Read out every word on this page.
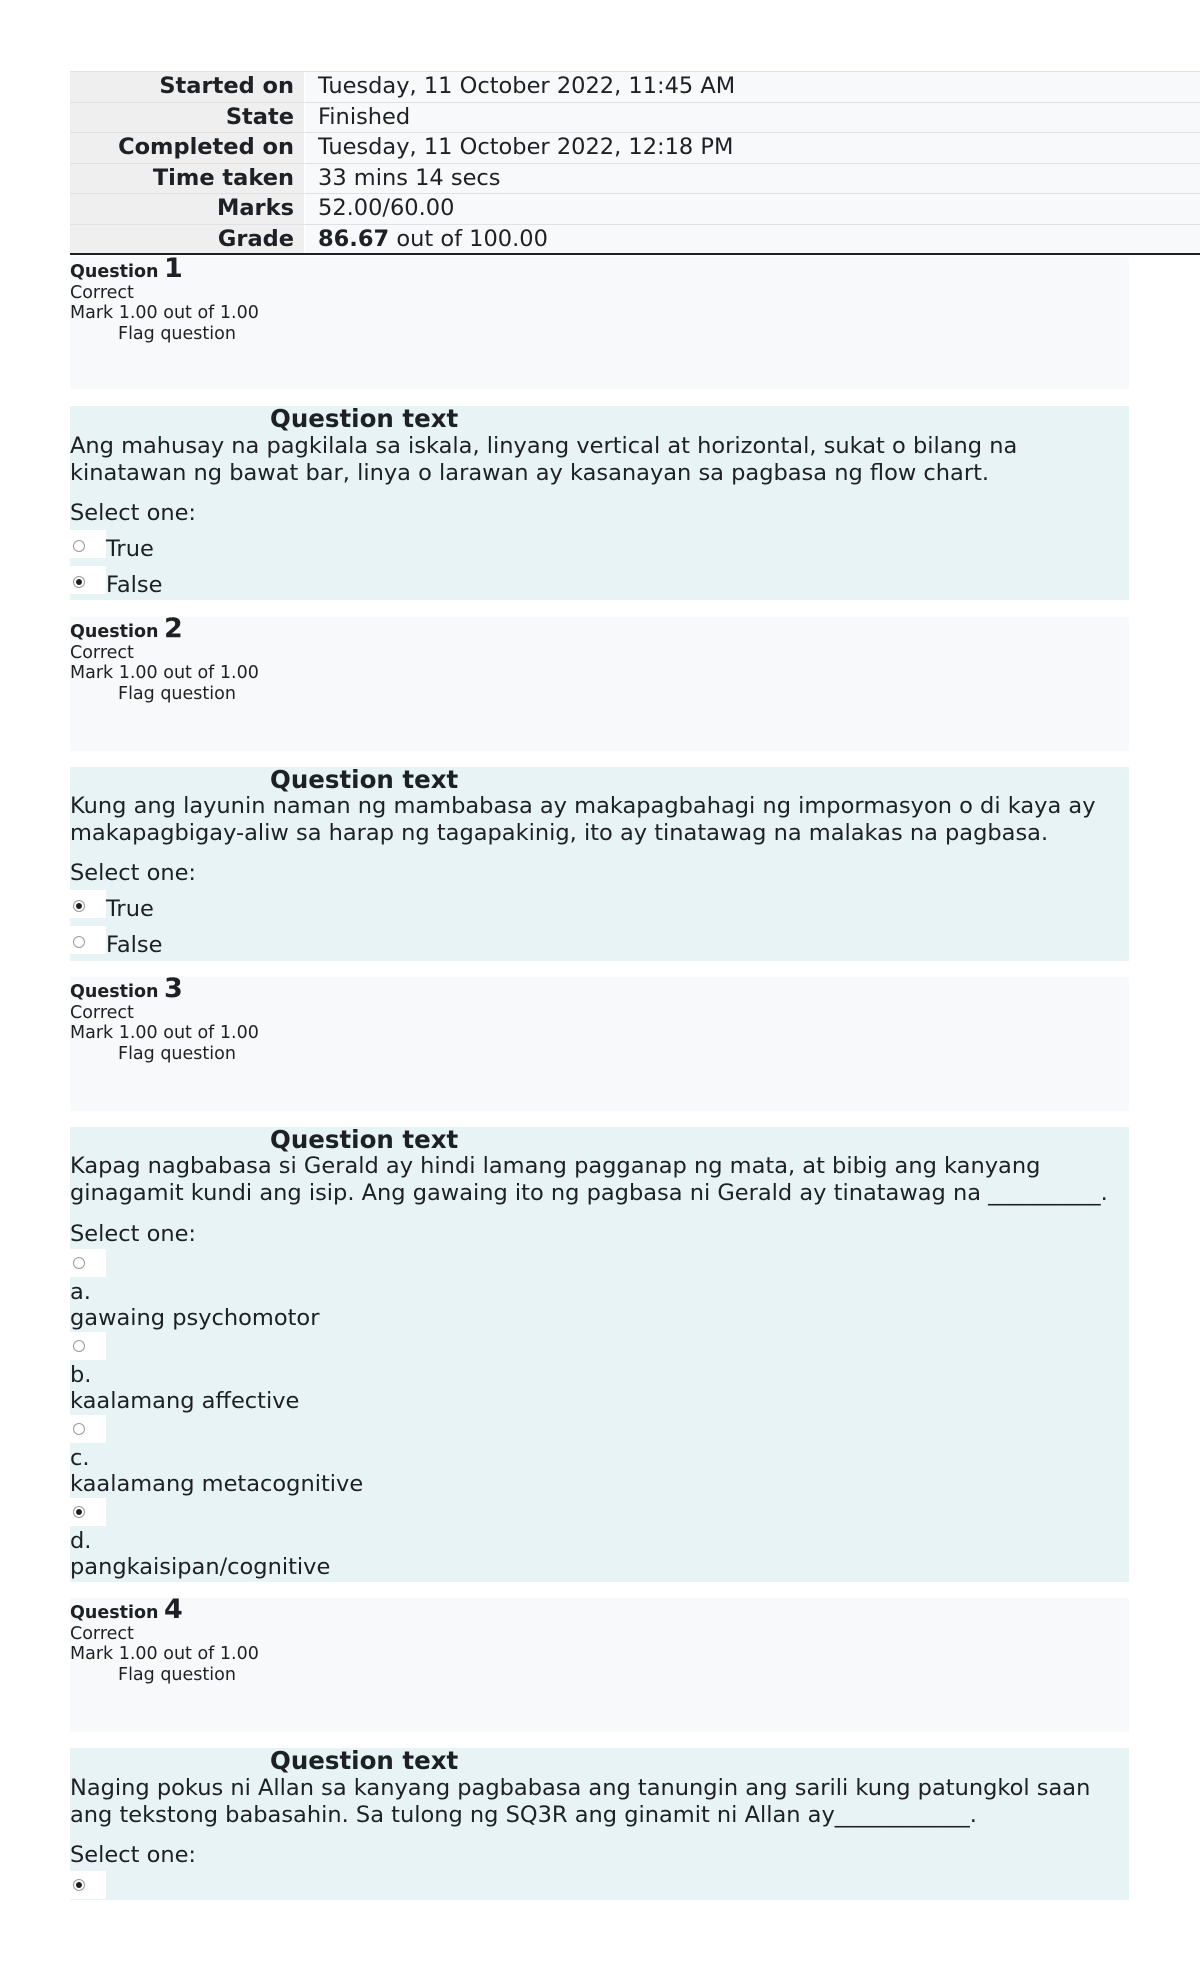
Started on	Tuesday, 11 October 2022, 11:45 AM
State	Finished
Completed on	Tuesday, 11 October 2022, 12:18 PM
Time taken	33 mins 14 secs
Marks	52.00/60.00
Grade	86.67 out of 100.00
Question 1
Correct
Mark 1.00 out of 1.00
Flag question
Question text
Ang mahusay na pagkilala sa iskala, linyang vertical at horizontal, sukat o bilang na kinatawan ng bawat bar, linya o larawan ay kasanayan sa pagbasa ng flow chart.
Select one:
True
False
Question 2
Correct
Mark 1.00 out of 1.00
Flag question
Question text
Kung ang layunin naman ng mambabasa ay makapagbahagi ng impormasyon o di kaya ay makapagbigay-aliw sa harap ng tagapakinig, ito ay tinatawag na malakas na pagbasa.
Select one:
True
False
Question 3
Correct
Mark 1.00 out of 1.00
Flag question
Question text
Kapag nagbabasa si Gerald ay hindi lamang pagganap ng mata, at bibig ang kanyang ginagamit kundi ang isip. Ang gawaing ito ng pagbasa ni Gerald ay tinatawag na __________.
Select one:
a.
gawaing psychomotor
b.
kaalamang affective
c.
kaalamang metacognitive
d.
pangkaisipan/cognitive
Question 4
Correct
Mark 1.00 out of 1.00
Flag question
Question text
Naging pokus ni Allan sa kanyang pagbabasa ang tanungin ang sarili kung patungkol saan ang tekstong babasahin. Sa tulong ng SQ3R ang ginamit ni Allan ay____________.
Select one:
